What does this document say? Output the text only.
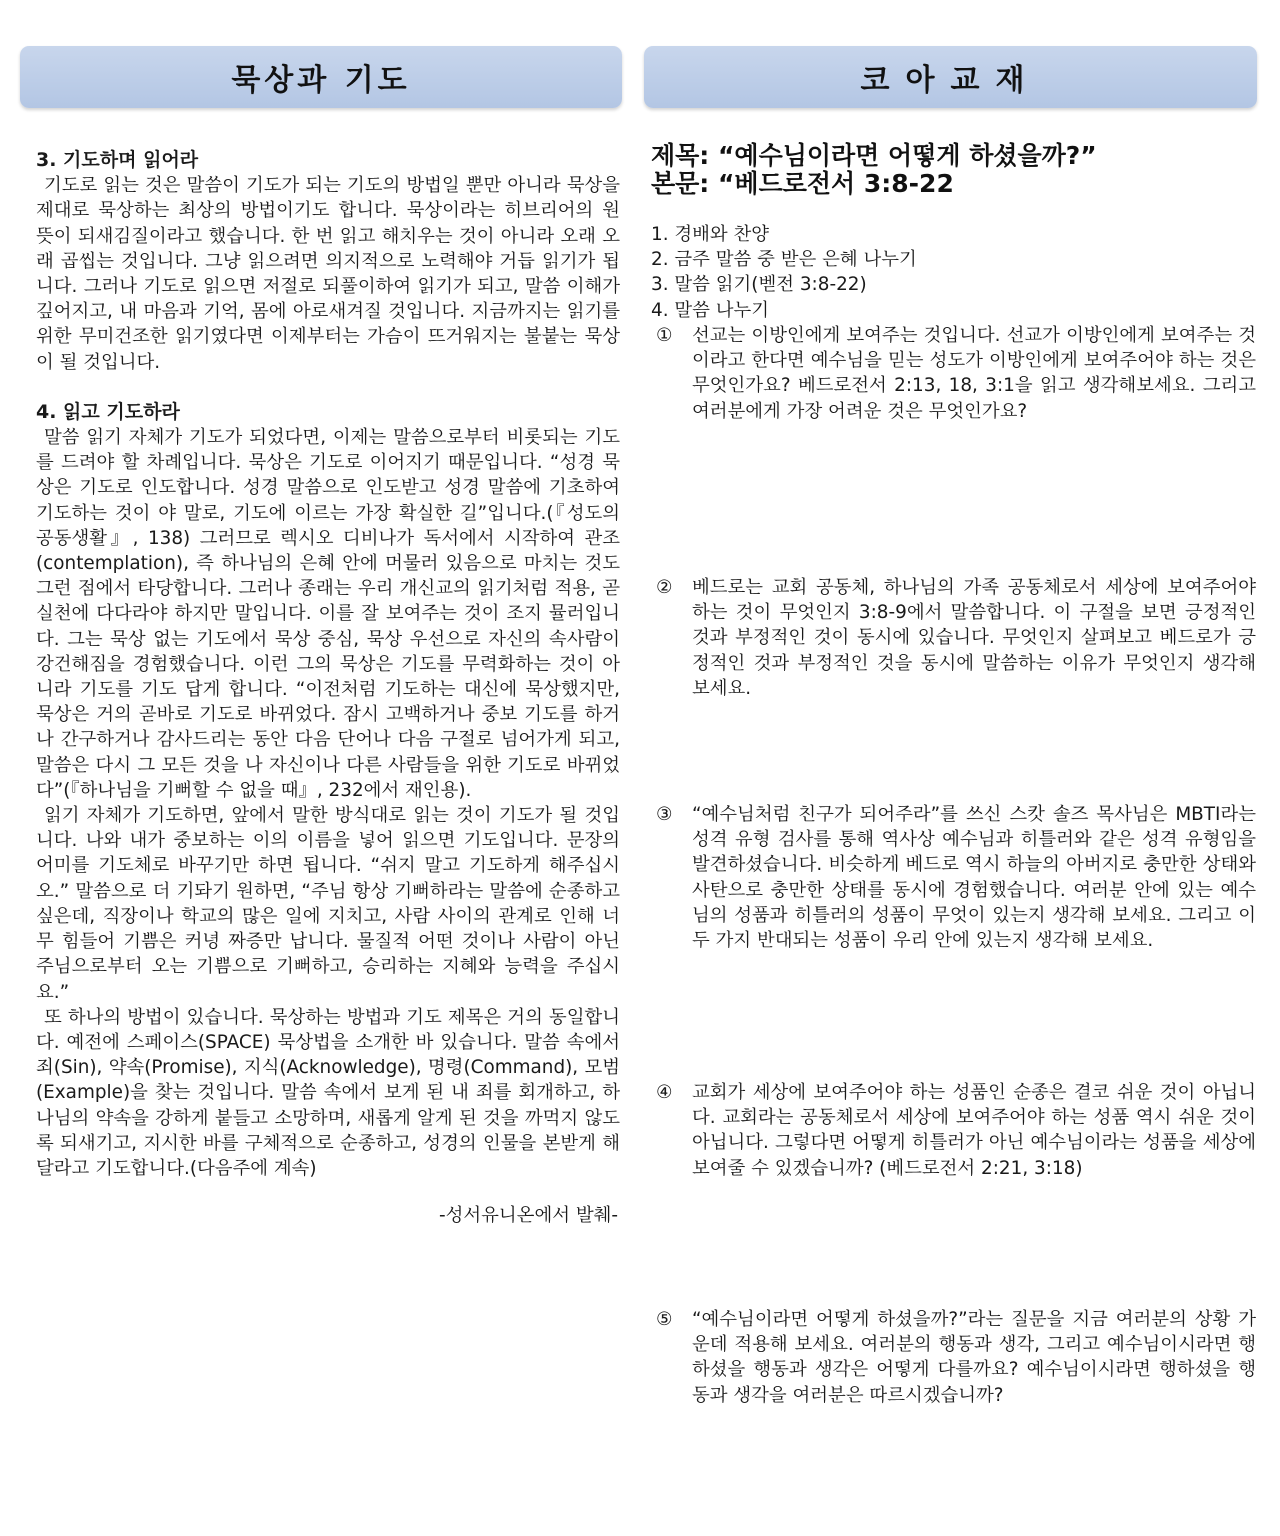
묵상과 기도	코아교재
3. 기도하며 읽어라

기도로 읽는 것은 말씀이 기도가 되는 기도의 방법일 뿐만 아니라 묵상을 제대로 묵상하는 최상의 방법이기도 합니다. 묵상이라는 히브리어의 원 뜻이 되새김질이라고 했습니다. 한 번 읽고 해치우는 것이 아니라 오래 오래 곱씹는 것입니다. 그냥 읽으려면 의지적으로 노력해야 거듭 읽기가 됩니다. 그러나 기도로 읽으면 저절로 되풀이하여 읽기가 되고, 말씀 이해가 깊어지고, 내 마음과 기억, 몸에 아로새겨질 것입니다. 지금까지는 읽기를 위한 무미건조한 읽기였다면 이제부터는 가슴이 뜨거워지는 불붙는 묵상이 될 것입니다.

4. 읽고 기도하라

말씀 읽기 자체가 기도가 되었다면, 이제는 말씀으로부터 비롯되는 기도를 드려야 할 차례입니다. 묵상은 기도로 이어지기 때문입니다. “성경 묵상은 기도로 인도합니다. 성경 말씀으로 인도받고 성경 말씀에 기초하여 기도하는 것이 야 말로, 기도에 이르는 가장 확실한 길”입니다.(『성도의 공동생활』, 138) 그러므로 렉시오 디비나가 독서에서 시작하여 관조(contemplation), 즉 하나님의 은혜 안에 머물러 있음으로 마치는 것도 그런 점에서 타당합니다. 그러나 종래는 우리 개신교의 읽기처럼 적용, 곧 실천에 다다라야 하지만 말입니다. 이를 잘 보여주는 것이 조지 뮬러입니다. 그는 묵상 없는 기도에서 묵상 중심, 묵상 우선으로 자신의 속사람이 강건해짐을 경험했습니다. 이런 그의 묵상은 기도를 무력화하는 것이 아니라 기도를 기도 답게 합니다. “이전처럼 기도하는 대신에 묵상했지만, 묵상은 거의 곧바로 기도로 바뀌었다. 잠시 고백하거나 중보 기도를 하거나 간구하거나 감사드리는 동안 다음 단어나 다음 구절로 넘어가게 되고, 말씀은 다시 그 모든 것을 나 자신이나 다른 사람들을 위한 기도로 바뀌었다”(『하나님을 기뻐할 수 없을 때』, 232에서 재인용).

읽기 자체가 기도하면, 앞에서 말한 방식대로 읽는 것이 기도가 될 것입니다. 나와 내가 중보하는 이의 이름을 넣어 읽으면 기도입니다. 문장의 어미를 기도체로 바꾸기만 하면 됩니다. “쉬지 말고 기도하게 해주십시오.” 말씀으로 더 기돠기 원하면, “주님 항상 기뻐하라는 말씀에 순종하고 싶은데, 직장이나 학교의 많은 일에 지치고, 사람 사이의 관계로 인해 너무 힘들어 기쁨은 커녕 짜증만 납니다. 물질적 어떤 것이나 사람이 아닌 주님으로부터 오는 기쁨으로 기뻐하고, 승리하는 지혜와 능력을 주십시요.”

또 하나의 방법이 있습니다. 묵상하는 방법과 기도 제목은 거의 동일합니다. 예전에 스페이스(SPACE) 묵상법을 소개한 바 있습니다. 말씀 속에서 죄(Sin), 약속(Promise), 지식(Acknowledge), 명령(Command), 모범(Example)을 찾는 것입니다. 말씀 속에서 보게 된 내 죄를 회개하고, 하나님의 약속을 강하게 붙들고 소망하며, 새롭게 알게 된 것을 까먹지 않도록 되새기고, 지시한 바를 구체적으로 순종하고, 성경의 인물을 본받게 해달라고 기도합니다.(다음주에 계속)

-성서유니온에서 발췌-
제목: “예수님이라면 어떻게 하셨을까?”
본문: “베드로전서 3:8-22
1. 경배와 찬양
2. 금주 말씀 중 받은 은혜 나누기
3. 말씀 읽기(벧전 3:8-22)
4. 말씀 나누기
①	선교는 이방인에게 보여주는 것입니다. 선교가 이방인에게 보여주는 것이라고 한다면 예수님을 믿는 성도가 이방인에게 보여주어야 하는 것은 무엇인가요? 베드로전서 2:13, 18, 3:1을 읽고 생각해보세요. 그리고 여러분에게 가장 어려운 것은 무엇인가요?
②	베드로는 교회 공동체, 하나님의 가족 공동체로서 세상에 보여주어야 하는 것이 무엇인지 3:8-9에서 말씀합니다. 이 구절을 보면 긍정적인 것과 부정적인 것이 동시에 있습니다. 무엇인지 살펴보고 베드로가 긍정적인 것과 부정적인 것을 동시에 말씀하는 이유가 무엇인지 생각해 보세요.
③	“예수님처럼 친구가 되어주라”를 쓰신 스캇 솔즈 목사님은 MBTI라는 성격 유형 검사를 통해 역사상 예수님과 히틀러와 같은 성격 유형임을 발견하셨습니다. 비슷하게 베드로 역시 하늘의 아버지로 충만한 상태와 사탄으로 충만한 상태를 동시에 경험했습니다. 여러분 안에 있는 예수님의 성품과 히틀러의 성품이 무엇이 있는지 생각해 보세요. 그리고 이 두 가지 반대되는 성품이 우리 안에 있는지 생각해 보세요.
④	교회가 세상에 보여주어야 하는 성품인 순종은 결코 쉬운 것이 아닙니다. 교회라는 공동체로서 세상에 보여주어야 하는 성품 역시 쉬운 것이 아닙니다. 그렇다면 어떻게 히틀러가 아닌 예수님이라는 성품을 세상에 보여줄 수 있겠습니까? (베드로전서 2:21, 3:18)
⑤	“예수님이라면 어떻게 하셨을까?”라는 질문을 지금 여러분의 상황 가운데 적용해 보세요. 여러분의 행동과 생각, 그리고 예수님이시라면 행하셨을 행동과 생각은 어떻게 다를까요? 예수님이시라면 행하셨을 행동과 생각을 여러분은 따르시겠습니까?
